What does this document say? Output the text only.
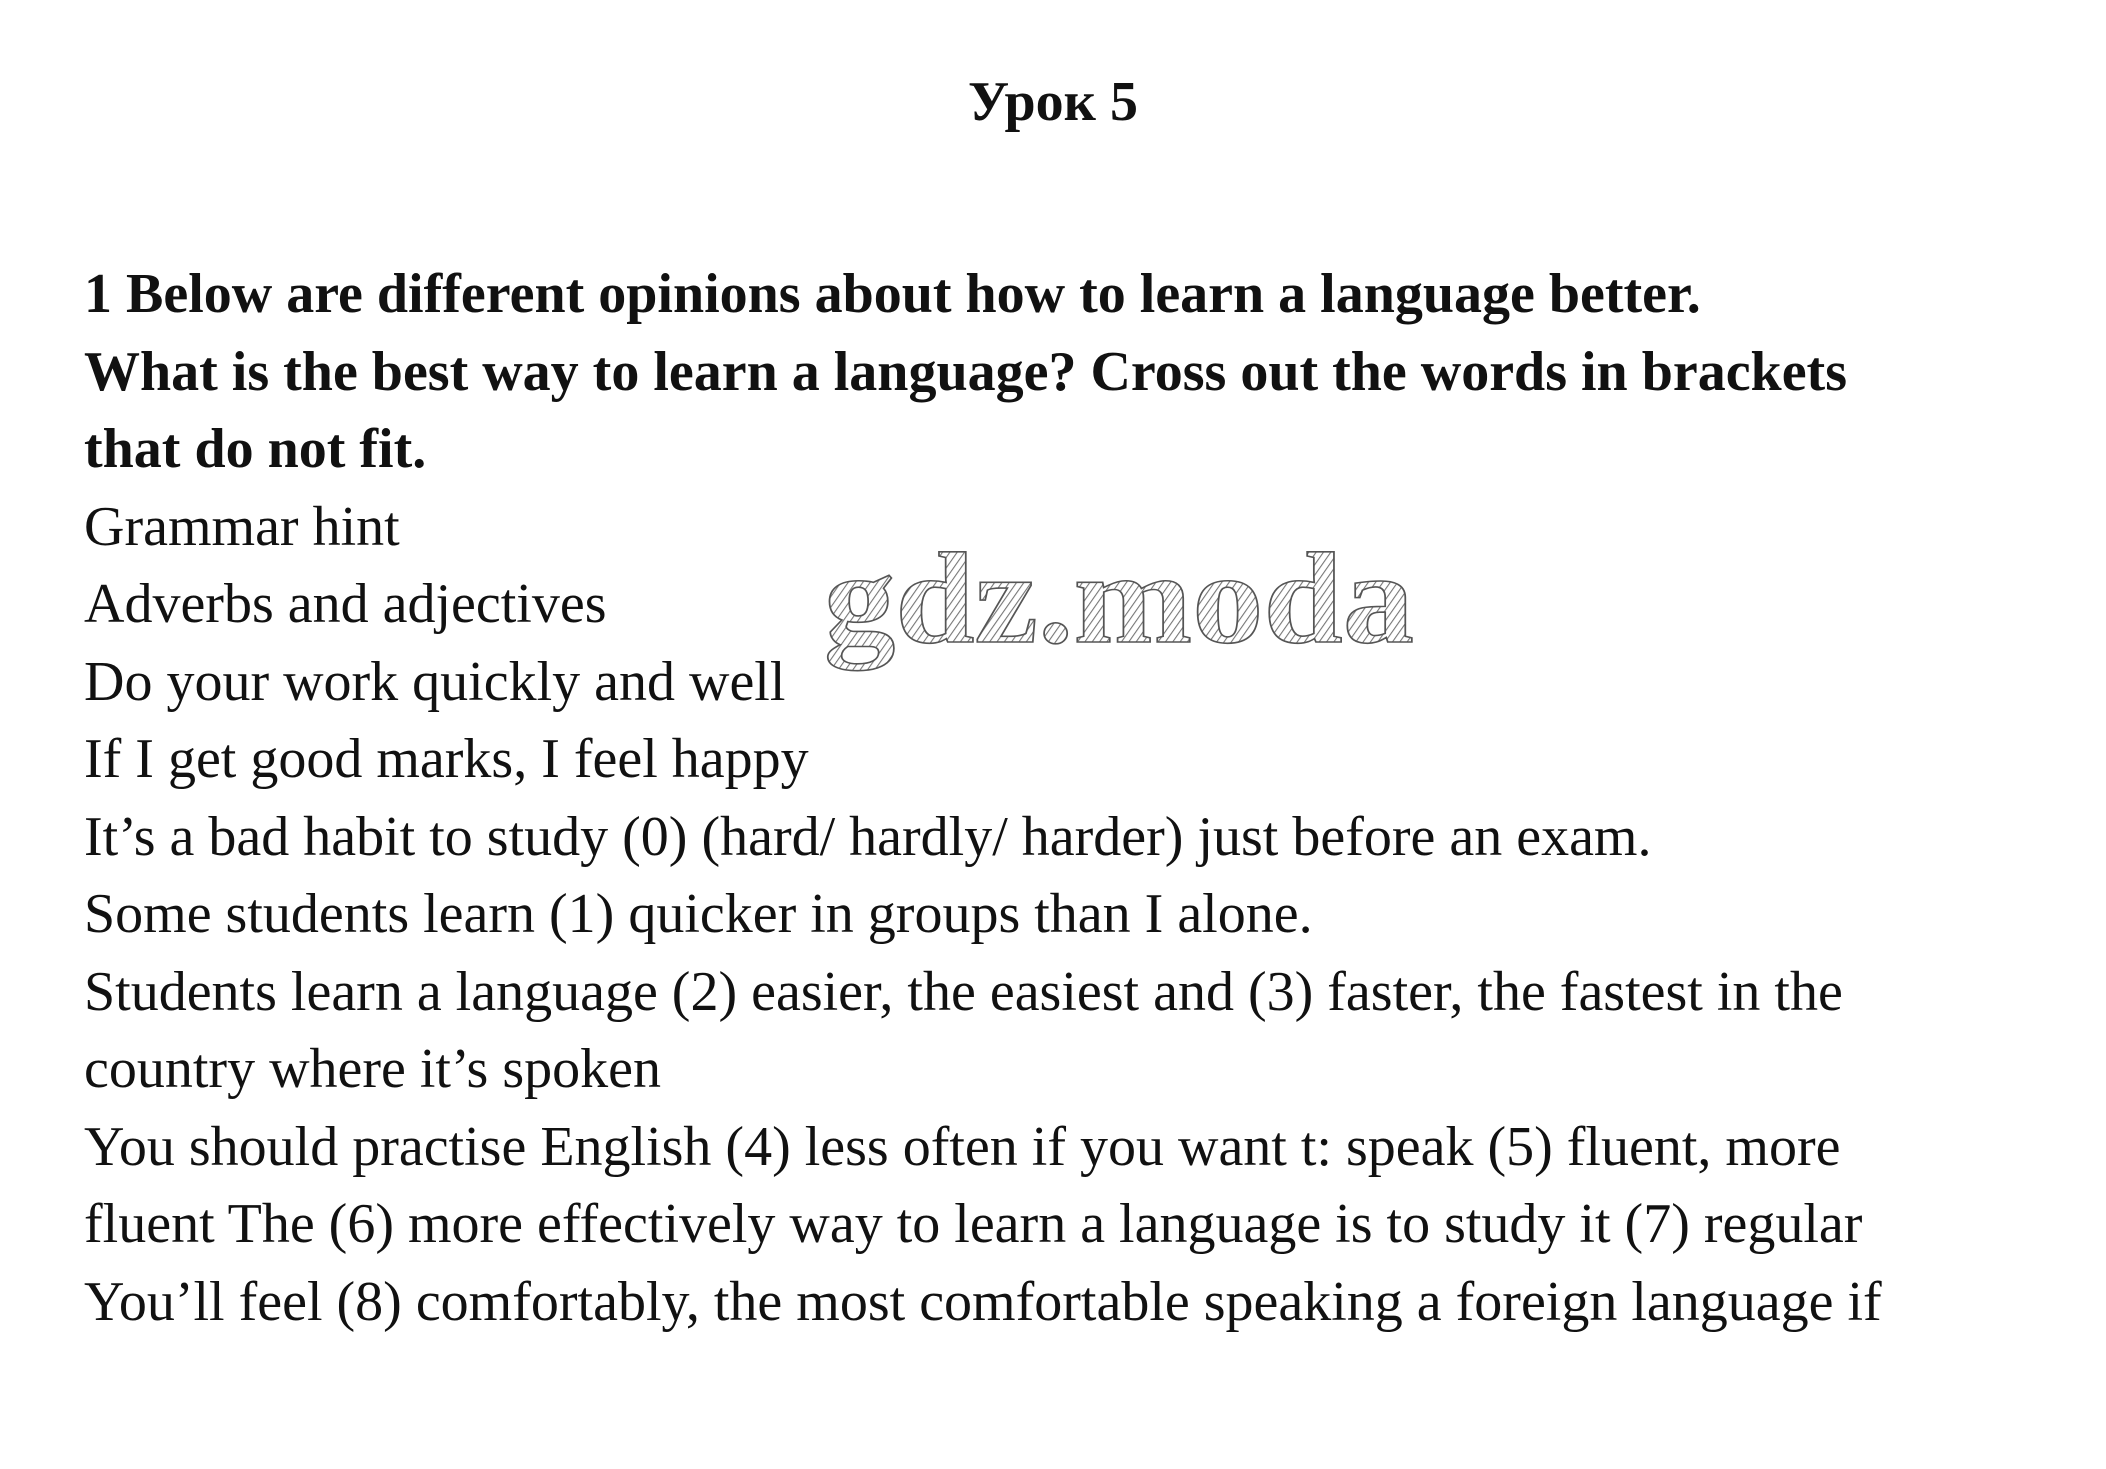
Урок 5
1 Below are different opinions about how to learn a language better.
What is the best way to learn a language? Cross out the words in brackets
that do not fit.
Grammar hint
Adverbs and adjectives
Do your work quickly and well
If I get good marks, I feel happy
It’s a bad habit to study (0) (hard/ hardly/ harder) just before an exam.
Some students learn (1) quicker in groups than I alone.
Students learn a language (2) easier, the easiest and (3) faster, the fastest in the
country where it’s spoken
You should practise English (4) less often if you want t: speak (5) fluent, more
fluent The (6) more effectively way to learn a language is to study it (7) regular
You’ll feel (8) comfortably, the most comfortable speaking a foreign language if
gdz.moda
